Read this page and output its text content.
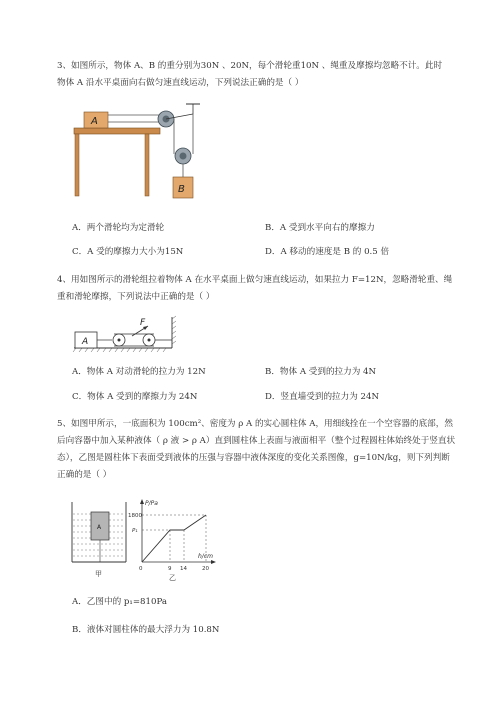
3、如图所示，物体 A、B 的重分别为30N 、20N，每个滑轮重10N 、绳重及摩擦均忽略不计。此时
物体 A 沿水平桌面向右做匀速直线运动，下列说法正确的是（ ）
A
B
A．两个滑轮均为定滑轮	B．A 受到水平向右的摩擦力
C．A 受的摩擦力大小为15N	D．A 移动的速度是 B 的 0.5 倍
4、用如图所示的滑轮组拉着物体 A 在水平桌面上做匀速直线运动，如果拉力 F=12N，忽略滑轮重、绳
重和滑轮摩擦，下列说法中正确的是（ ）
A
F
A．物体 A 对动滑轮的拉力为 12N	B．物体 A 受到的拉力为 4N
C．物体 A 受到的摩擦力为 24N	D．竖直墙受到的拉力为 24N
5、如图甲所示，一底面积为 100cm²、密度为 ρ A 的实心圆柱体 A，用细线拴在一个空容器的底部，然
后向容器中加入某种液体（ ρ 液 > ρ A）直到圆柱体上表面与液面相平（整个过程圆柱体始终处于竖直状
态），乙图是圆柱体下表面受到液体的压强与容器中液体深度的变化关系图像，g=10N/kg，则下列判断
正确的是（ ）
A
甲
P/Pa
h/cm
1800
P₁
0	9 14	20
乙
A．乙图中的 p₁=810Pa
B．液体对圆柱体的最大浮力为 10.8N
